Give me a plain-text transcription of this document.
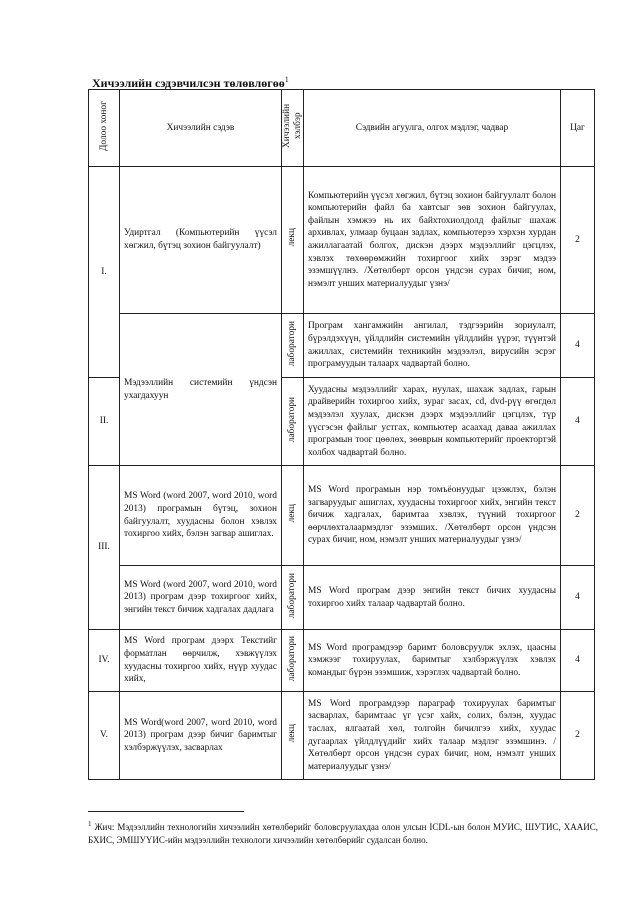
Хичээлийн сэдэвчилсэн төлөвлөгөө$^1$
Долоо хоног	Хичээлийн сэдэв	Хичээлийн хэлбэр	Сэдвийн агуулга, олгох мэдлэг, чадвар	Цаг
I.	Удиртгал (Компьютерийн үүсэл хөгжил, бүтэц зохион байгуулалт)	лекц	Компьютерийн үүсэл хөгжил, бүтэц зохион байгуулалт болон компьютерийн файл ба хавтсыг зөв зохион байгуулах, файлын хэмжээ нь их байхтохиолдолд файлыг шахаж архивлах, улмаар буцаан задлах, компьютерээ хэрхэн хурдан ажиллагаатай болгох, дискэн дээрх мэдээллийг цэгцлэх, хэвлэх төхөөрөмжийн тохиргоог хийх зэрэг мэдээ эзэмшүүлнэ. /Хөтөлбөрт орсон үндсэн сурах бичиг, ном, нэмэлт унших материалуудыг үзнэ/	2
	Мэдээллийн системийн үндсэн ухагдахуун	лаборатори	Програм хангамжийн ангилал, тэдгээрийн зориулалт, бүрэлдэхүүн, үйлдлийн системийн үйлдлийн үүрэг, түүнтэй ажиллах, системийн техникийн мэдээлэл, вирусийн эсрэг програмуудын талаарх чадвартай болно.	4
II.		лаборатори	Хуудасны мэдээллийг харах, нуулах, шахаж задлах, гарын драйверийн тохиргоо хийх, зураг засах, cd, dvd-рүү өгөгдөл мэдээлэл хуулах, дискэн дээрх мэдээллийг цэгцлэх, түр үүсгэсэн файлыг устгах, компьютер асаахад даваа ажиллах програмын тоог цөөлөх, зөөврын компьютерийг проектортэй холбох чадвартай болно.	4
III.	MS Word (word 2007, word 2010, word 2013) програмын бүтэц, зохион байгуулалт, хуудасны болон хэвлэх тохиргоо хийх, бэлэн загвар ашиглах.	лекц	MS Word програмын нэр томъёонуудыг цээжлэх, бэлэн загваруудыг ашиглах, хуудасны тохиргоог хийх, энгийн текст бичиж хадгалах, баримтаа хэвлэх, түүний тохиргоог өөрчлөхталаармэдлэг эзэмших. /Хөтөлбөрт орсон үндсэн сурах бичиг, ном, нэмэлт унших материалуудыг үзнэ/	2
	MS Word (word 2007, word 2010, word 2013) програм дээр тохиргоог хийх, энгийн текст бичиж хадгалах дадлага	лаборатори	MS Word програм дээр энгийн текст бичих хуудасны тохиргоо хийх талаар чадвартай болно.	4
IV.	MS Word програм дээрх Текстийг форматлан өөрчилж, хэвжүүлэх хуудасны тохиргоо хийх, нүүр хуудас хийх,	лаборатори	MS Word програмдээр баримт боловсруулж эхлэх, цаасны хэмжээг тохируулах, баримтыг хэлбэржүүлэх хэвлэх командыг бүрэн эзэмшиж, хэрэглэх чадвартай болно.	4
V.	MS Word(word 2007, word 2010, word 2013) програм дээр бичиг баримтыг хэлбэржүүлэх, засварлах	лекц	MS Word програмдээр параграф тохируулах баримтыг засварлах, баримтаас үг үсэг хайх, солих, бэлэн, хуудас таслах, ялгаатай хөл, толгойн бичилгээ хийх, хуудас дугаарлах үйлдлүүдийг хийх талаар мэдлэг эзэмшинэ. /Хөтөлбөрт орсон үндсэн сурах бичиг, ном, нэмэлт унших материалуудыг үзнэ/	2
$^1$ Жич: Мэдээллийн технологийн хичээлийн хөтөлбөрийг боловсруулахдаа олон улсын ICDL-ын болон МУИС, ШУТИС, ХААИС, БХИС, ЭМШУҮИС-ийн мэдээллийн технологи хичээлийн хөтөлбөрийг судалсан болно.
